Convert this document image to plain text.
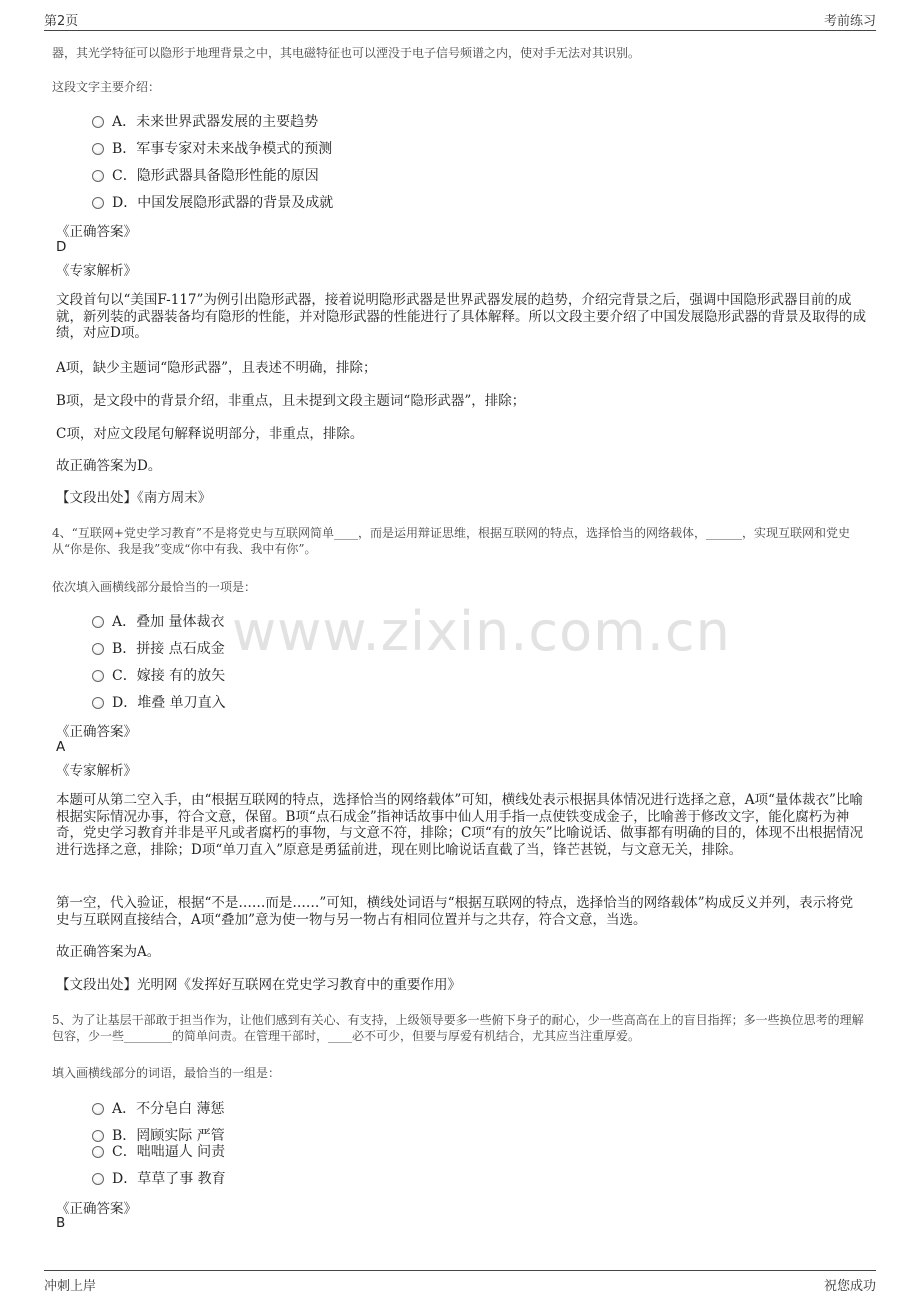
第2页	考前练习
www.zixin.com.cn
器，其光学特征可以隐形于地理背景之中，其电磁特征也可以湮没于电子信号频谱之内，使对手无法对其识别。
这段文字主要介绍：
A．未来世界武器发展的主要趋势
B．军事专家对未来战争模式的预测
C．隐形武器具备隐形性能的原因
D．中国发展隐形武器的背景及成就
《正确答案》
D
《专家解析》
文段首句以“美国F-117”为例引出隐形武器，接着说明隐形武器是世界武器发展的趋势，介绍完背景之后，强调中国隐形武器目前的成就，新列装的武器装备均有隐形的性能，并对隐形武器的性能进行了具体解释。所以文段主要介绍了中国发展隐形武器的背景及取得的成绩，对应D项。
A项，缺少主题词“隐形武器”，且表述不明确，排除；
B项，是文段中的背景介绍，非重点，且未提到文段主题词“隐形武器”，排除；
C项，对应文段尾句解释说明部分，非重点，排除。
故正确答案为D。
【文段出处】《南方周末》
4、“互联网+党史学习教育”不是将党史与互联网简单____，而是运用辩证思维，根据互联网的特点，选择恰当的网络载体，______，实现互联网和党史从“你是你、我是我”变成“你中有我、我中有你”。
依次填入画横线部分最恰当的一项是：
A．叠加 量体裁衣
B．拼接 点石成金
C．嫁接 有的放矢
D．堆叠 单刀直入
《正确答案》
A
《专家解析》
本题可从第二空入手，由“根据互联网的特点，选择恰当的网络载体”可知，横线处表示根据具体情况进行选择之意，A项“量体裁衣”比喻根据实际情况办事，符合文意，保留。B项“点石成金”指神话故事中仙人用手指一点使铁变成金子，比喻善于修改文字，能化腐朽为神奇，党史学习教育并非是平凡或者腐朽的事物，与文意不符，排除；C项“有的放矢”比喻说话、做事都有明确的目的，体现不出根据情况进行选择之意，排除；D项“单刀直入”原意是勇猛前进，现在则比喻说话直截了当，锋芒甚锐，与文意无关，排除。
第一空，代入验证，根据“不是……而是……”可知，横线处词语与“根据互联网的特点，选择恰当的网络载体”构成反义并列，表示将党史与互联网直接结合，A项“叠加”意为使一物与另一物占有相同位置并与之共存，符合文意，当选。
故正确答案为A。
【文段出处】光明网《发挥好互联网在党史学习教育中的重要作用》
5、为了让基层干部敢于担当作为，让他们感到有关心、有支持，上级领导要多一些俯下身子的耐心，少一些高高在上的盲目指挥；多一些换位思考的理解包容，少一些________的简单问责。在管理干部时，____必不可少，但要与厚爱有机结合，尤其应当注重厚爱。
填入画横线部分的词语，最恰当的一组是：
A．不分皂白 薄惩
B．罔顾实际 严管
C．咄咄逼人 问责
D．草草了事 教育
《正确答案》
B
冲刺上岸	祝您成功
